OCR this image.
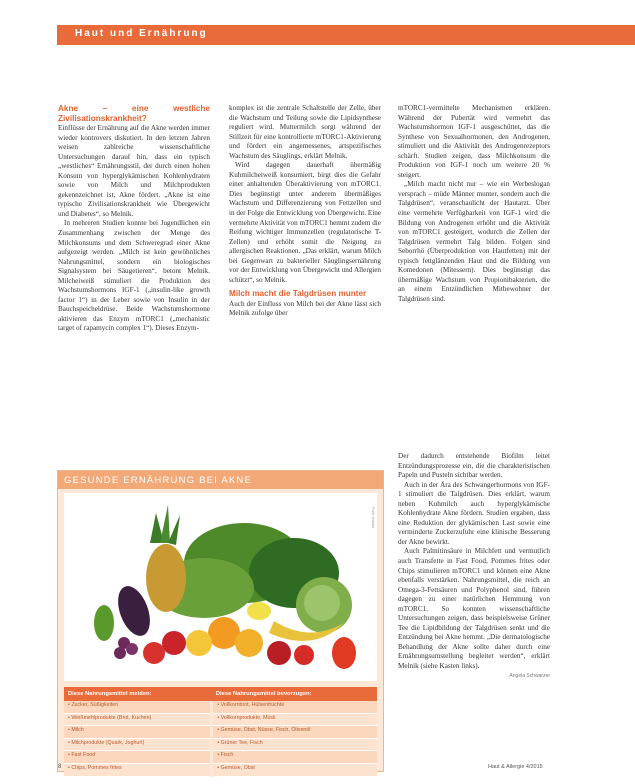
Haut und Ernährung
Akne – eine westliche Zivilisationskrankheit?

Einflüsse der Ernährung auf die Akne werden immer wieder kontrovers diskutiert. In den letzten Jahren weisen zahlreiche wissenschaftliche Untersuchungen darauf hin, dass ein typisch „westliches“ Ernährungsstil, der durch einen hohen Konsum von hyperglykämischen Kohlenhydraten sowie von Milch und Milchprodukten gekennzeichnet ist, Akne fördert. „Akne ist eine typische Zivilisationskrankheit wie Übergewicht und Diabetes“, so Melnik.

In mehreren Studien konnte bei Jugendlichen ein Zusammenhang zwischen der Menge des Milchkonsums und dem Schweregrad einer Akne aufgezeigt werden. „Milch ist kein gewöhnliches Nahrungsmittel, sondern ein biologisches Signalsystem bei Säugetieren“, betont Melnik. Milcheiweiß stimuliert die Produktion des Wachstumshormons IGF-1 („insulin-like growth factor 1“) in der Leber sowie von Insulin in der Bauchspeicheldrüse. Beide Wachstumshormone aktivieren das Enzym mTORC1 („mechanistic target of rapamycin complex 1“). Dieses Enzym-

komplex ist die zentrale Schaltstelle der Zelle, über die Wachstum und Teilung sowie die Lipidsynthese reguliert wird. Muttermilch sorgt während der Stillzeit für eine kontrollierte mTORC1-Aktivierung und fördert ein angemessenes, artspezifisches Wachstum des Säuglings, erklärt Melnik.

Wird dagegen dauerhaft übermäßig Kuhmilcheiweiß konsumiert, birgt dies die Gefahr einer anhaltenden Überaktivierung von mTORC1. Dies begünstigt unter anderem übermäßiges Wachstum und Differenzierung von Fettzellen und in der Folge die Entwicklung von Übergewicht. Eine vermehrte Aktivität von mTORC1 hemmt zudem die Reifung wichtiger Immunzellen (regulatorische T-Zellen) und erhöht somit die Neigung zu allergischen Reaktionen. „Das erklärt, warum Milch bei Gegenwart zu bakterieller Säuglingsernährung vor der Entwicklung von Übergewicht und Allergien schützt“, so Melnik.

Milch macht die Talgdrüsen munter

Auch der Einfluss von Milch bei der Akne lässt sich Melnik zufolge über

mTORC1-vermittelte Mechanismen erklären. Während der Pubertät wird vermehrt das Wachstumshormon IGF-1 ausgeschüttet, das die Synthese von Sexualhormonen, den Androgenen, stimuliert und die Aktivität des Androgenrezeptors schärft. Studien zeigen, dass Milchkonsum die Produktion von IGF-1 noch um weitere 20 % steigert.

„Milch macht nicht nur – wie ein Werbeslogan versprach – müde Männer munter, sondern auch die Talgdrüsen“, veranschaulicht der Hautarzt. Über eine vermehrte Verfügbarkeit von IGF-1 wird die Bildung von Androgenen erhöht und die Aktivität von mTORC1 gesteigert, wodurch die Zellen der Talgdrüsen vermehrt Talg bilden. Folgen sind Seborrhö (Überproduktion von Hautfetten) mit der typisch fettglänzenden Haut und die Bildung von Komedonen (Mitessern). Dies begünstigt das übermäßige Wachstum von Propionibakterien, die an einem Entzündlichen Mitbewohner der Talgdrüsen sind.

Der dadurch entstehende Biofilm leitet Entzündungsprozesse ein, die die charakteristischen Papeln und Pusteln sichtbar werden.

Auch in der Ära des Schwangerhormons von IGF-1 stimuliert die Talgdrüsen. Dies erklärt, warum neben Kuhmilch auch hyperglykämische Kohlenhydrate Akne fördern. Studien ergaben, dass eine Reduktion der glykämischen Last sowie eine verminderte Zuckerzufuhr eine klinische Besserung der Akne bewirkt.

Auch Palmitinsäure in Milchfett und vermutlich auch Transfette in Fast Food, Pommes frites oder Chips stimulieren mTORC1 und können eine Akne ebenfalls verstärken. Nahrungsmittel, die reich an Omega-3-Fettsäuren und Polyphenol sind, führen dagegen zu einer natürlichen Hemmung von mTORC1. So konnten wissenschaftliche Untersuchungen zeigen, dass beispielsweise Grüner Tee die Lipidbildung der Talgdrüsen senkt und die Entzündung bei Akne hemmt. „Die dermatologische Behandlung der Akne sollte daher durch eine Ernährungsumstellung begleitet werden“, erklärt Melnik (siehe Kasten links).

Angela Schwarzer
GESUNDE ERNÄHRUNG BEI AKNE
Foto: fotolia
Diese Nahrungsmittel meiden:	Diese Nahrungsmittel bevorzugen:
• Zucker, Süßigkeiten	• Vollkornbrot, Hülsenfrüchte
• Weißmehlprodukte (Brot, Kuchen)	• Vollkornprodukte, Müsli
• Milch	• Gemüse, Obst, Nüsse, Fisch, Olivenöl
• Milchprodukte (Quark, Joghurt)	• Grüner Tee, Fisch
• Fast Food	• Fisch
• Chips, Pommes frites	• Gemüse, Obst
8	Haut & Allergie 4/2015
